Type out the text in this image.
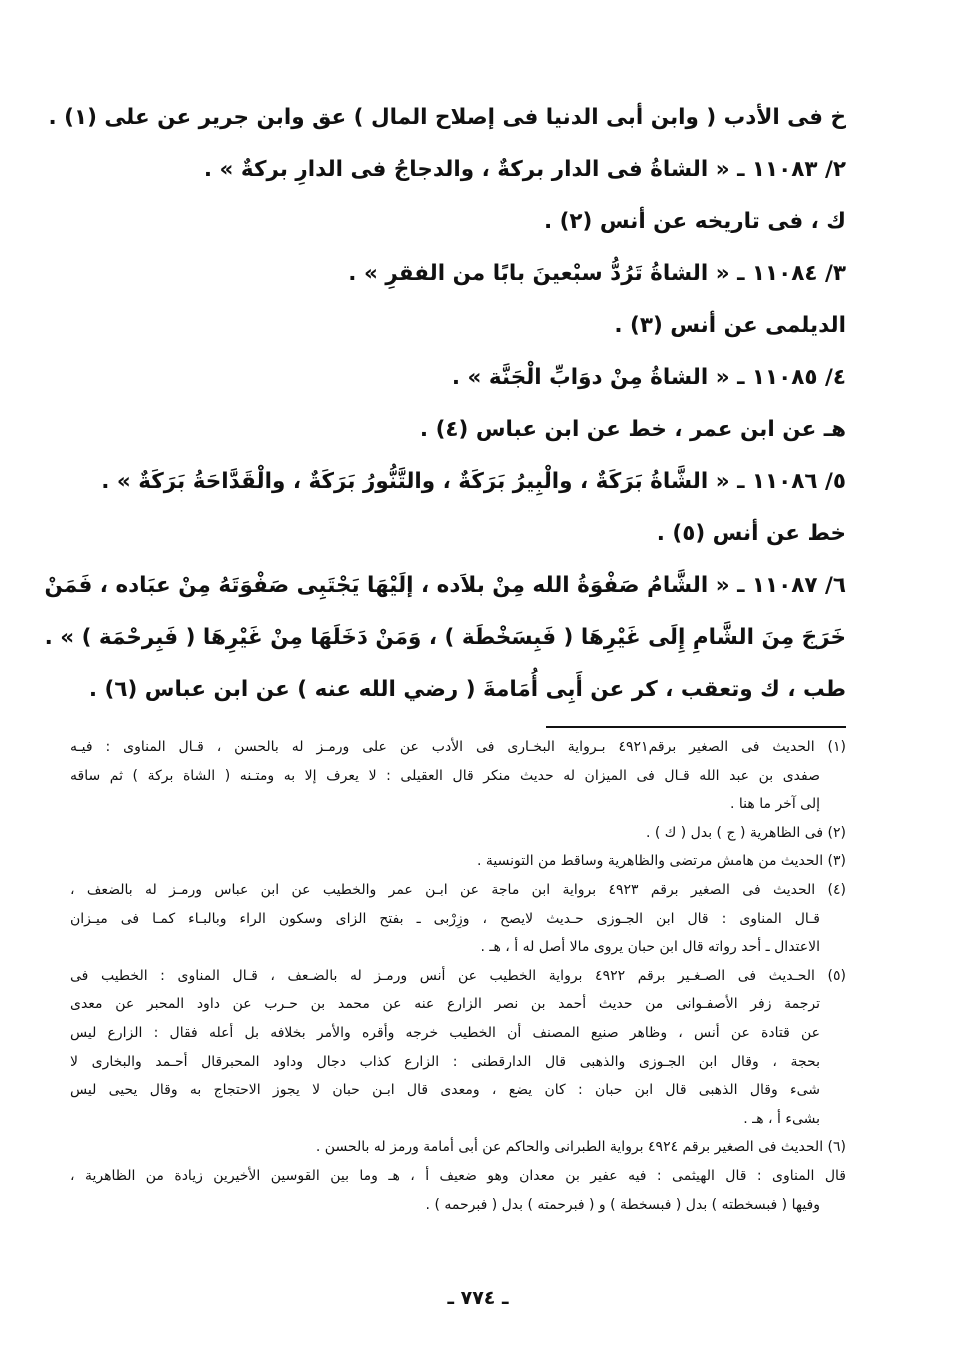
خ فى الأدب ( وابن أبى الدنيا فى إصلاح المال ) عق وابن جرير عن على (١) .
٢/ ١١٠٨٣ ـ « الشاةُ فى الدار بركةٌ ، والدجاجُ فى الدارِ بركةٌ » .
ك ، فى تاريخه عن أنس (٢) .
٣/ ١١٠٨٤ ـ « الشاةُ تَرُدُّ سبْعينَ بابًا من الفقرِ » .
الديلمى عن أنس (٣) .
٤/ ١١٠٨٥ ـ « الشاةُ مِنْ دوَابِّ الْجَنَّة » .
هـ عن ابن عمر ، خط عن ابن عباس (٤) .
٥/ ١١٠٨٦ ـ « الشَّاةُ بَرَكَةٌ ، والْبِيرُ بَرَكَةٌ ، والتَّنُّورُ بَرَكَةٌ ، والْقَدَّاحَةُ بَرَكَةٌ » .
خط عن أنس (٥) .
٦/ ١١٠٨٧ ـ « الشَّامُ صَفْوَةُ الله مِنْ بلاَده ، إلَيْهَا يَجْتَبِى صَفْوَتَهُ مِنْ عبَاده ، فَمَنْ
خَرَجَ مِنَ الشَّامِ إِلَى غَيْرِهَا ( فَبِسَخْطَة ) ، وَمَنْ دَخَلَهَا مِنْ غَيْرِهَا ( فَبِرحْمَة ) » .
طب ، ك وتعقب ، كر عن أَبِى أُمَامةَ ( رضي الله عنه ) عن ابن عباس (٦) .
(١) الحديث فى الصغير برقم٤٩٢١ بـرواية البخـارى فى الأدب عن على ورمـز له بالحسن ، قـال المناوى : فيـه
صفدى بن عبد الله قـال فى الميزان له حديث منكر قال العقيلى : لا يعرف إلا به ومتـنه ( الشاة بركة ) ثم ساقه
إلى آخر ما هنا .
(٢) فى الظاهرية ( ج ) بدل ( ك ) .
(٣) الحديث من هامش مرتضى والظاهرية وساقط من التونسية .
(٤) الحديث فى الصغير برقم ٤٩٢٣ برواية ابن ماجة عن ابـن عمر والخطيب عن ابن عباس ورمـز له بالضعف ،
قـال المناوى : قال ابن الجـوزى حـديث لايصح ، وزِرْبى ـ بفتح الزاى وسكون الراء وبالبـاء كمـا فى ميـزان
الاعتدال ـ أحد رواته قال ابن حبان يروى مالا أصل له أ ، هـ .
(٥) الحـديث فى الصـغـير برقم ٤٩٢٢ برواية الخطيب عن أنس ورمـز له بالضـعف ، قـال المناوى : الخطيب فى
ترجمة زفر الأصفـوانى من حديث أحمد بن نصر الزارع عنه عن محمد بن حـرب عن داود المحبر عن معدى
عن قتادة عن أنس ، وظاهر صنيع المصنف أن الخطيب خرجه وأقره والأمر بخلافه بل أعله فقال : الزارع ليس
بحجة ، وقال ابن الجـوزى والذهبى قال الدارقطنى : الزارع كذاب دجال وداود المحبرقال أحـمد والبخارى لا
شىء وقال الذهبى قال ابن حبان : كان يضع ، ومعدى قال ابـن حبان لا يجوز الاحتجاج به وقال يحيى ليس
بشىء أ ، هـ .
(٦) الحديث فى الصغير برقم ٤٩٢٤ برواية الطبرانى والحاكم عن أبى أمامة ورمز له بالحسن .
قال المناوى : قال الهيثمى : فيه عفير بن معدان وهو ضعيف أ ، هـ وما بين القوسين الأخيرين زيادة من الظاهرية ،
وفيها ( فبسخطته ) بدل ( فبسخطة ) و ( فبرحمته ) بدل ( فبرحمه ) .
ـ ٧٧٤ ـ
